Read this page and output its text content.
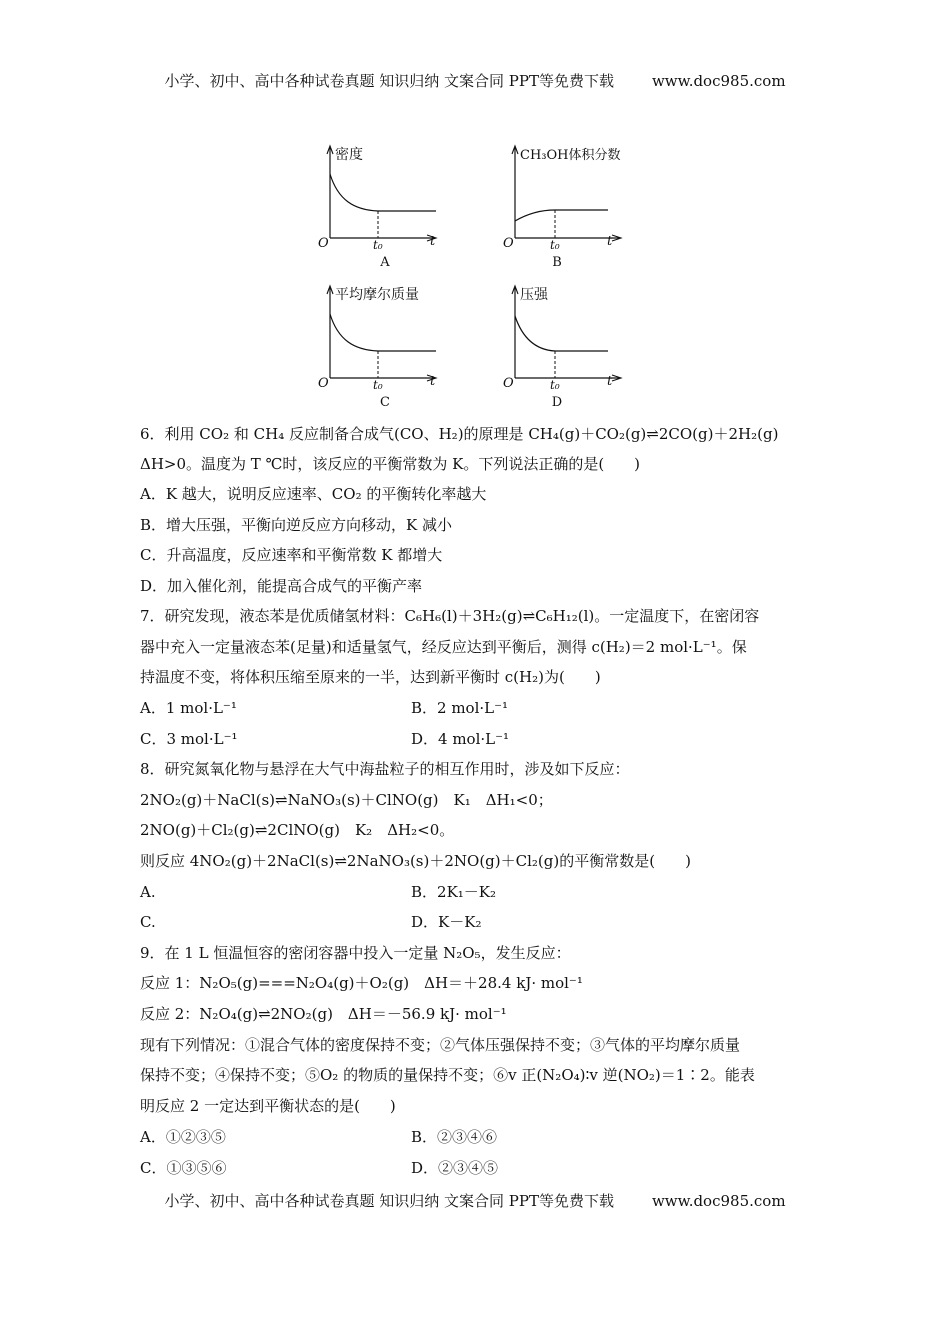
小学、初中、高中各种试卷真题 知识归纳 文案合同 PPT等免费下载	www.doc985.com
密度
O	t₀	t
A
CH₃OH体积分数
O	t₀	t
B
平均摩尔质量
O	t₀	t
C
压强
O	t₀	t
D
6．利用 CO₂ 和 CH₄ 反应制备合成气(CO、H₂)的原理是 CH₄(g)＋CO₂(g)⇌2CO(g)＋2H₂(g)
ΔH>0。温度为 T ℃时，该反应的平衡常数为 K。下列说法正确的是(　　)
A．K 越大，说明反应速率、CO₂ 的平衡转化率越大
B．增大压强，平衡向逆反应方向移动，K 减小
C．升高温度，反应速率和平衡常数 K 都增大
D．加入催化剂，能提高合成气的平衡产率
7．研究发现，液态苯是优质储氢材料：C₆H₆(l)＋3H₂(g)⇌C₆H₁₂(l)。一定温度下，在密闭容
器中充入一定量液态苯(足量)和适量氢气，经反应达到平衡后，测得 c(H₂)＝2 mol·L⁻¹。保
持温度不变，将体积压缩至原来的一半，达到新平衡时 c(H₂)为(　　)
A．1 mol·L⁻¹	B．2 mol·L⁻¹
C．3 mol·L⁻¹	D．4 mol·L⁻¹
8．研究氮氧化物与悬浮在大气中海盐粒子的相互作用时，涉及如下反应：
2NO₂(g)＋NaCl(s)⇌NaNO₃(s)＋ClNO(g)　K₁　ΔH₁<0；
2NO(g)＋Cl₂(g)⇌2ClNO(g)　K₂　ΔH₂<0。
则反应 4NO₂(g)＋2NaCl(s)⇌2NaNO₃(s)＋2NO(g)＋Cl₂(g)的平衡常数是(　　)
A.	B．2K₁－K₂
C.	D．K－K₂
9．在 1 L 恒温恒容的密闭容器中投入一定量 N₂O₅，发生反应：
反应 1：N₂O₅(g)===N₂O₄(g)＋O₂(g)　ΔH＝＋28.4 kJ· mol⁻¹
反应 2：N₂O₄(g)⇌2NO₂(g)　ΔH＝－56.9 kJ· mol⁻¹
现有下列情况：①混合气体的密度保持不变；②气体压强保持不变；③气体的平均摩尔质量
保持不变；④保持不变；⑤O₂ 的物质的量保持不变；⑥v 正(N₂O₄)∶v 逆(NO₂)＝1∶2。能表
明反应 2 一定达到平衡状态的是(　　)
A．①②③⑤	B．②③④⑥
C．①③⑤⑥	D．②③④⑤
小学、初中、高中各种试卷真题 知识归纳 文案合同 PPT等免费下载	www.doc985.com
